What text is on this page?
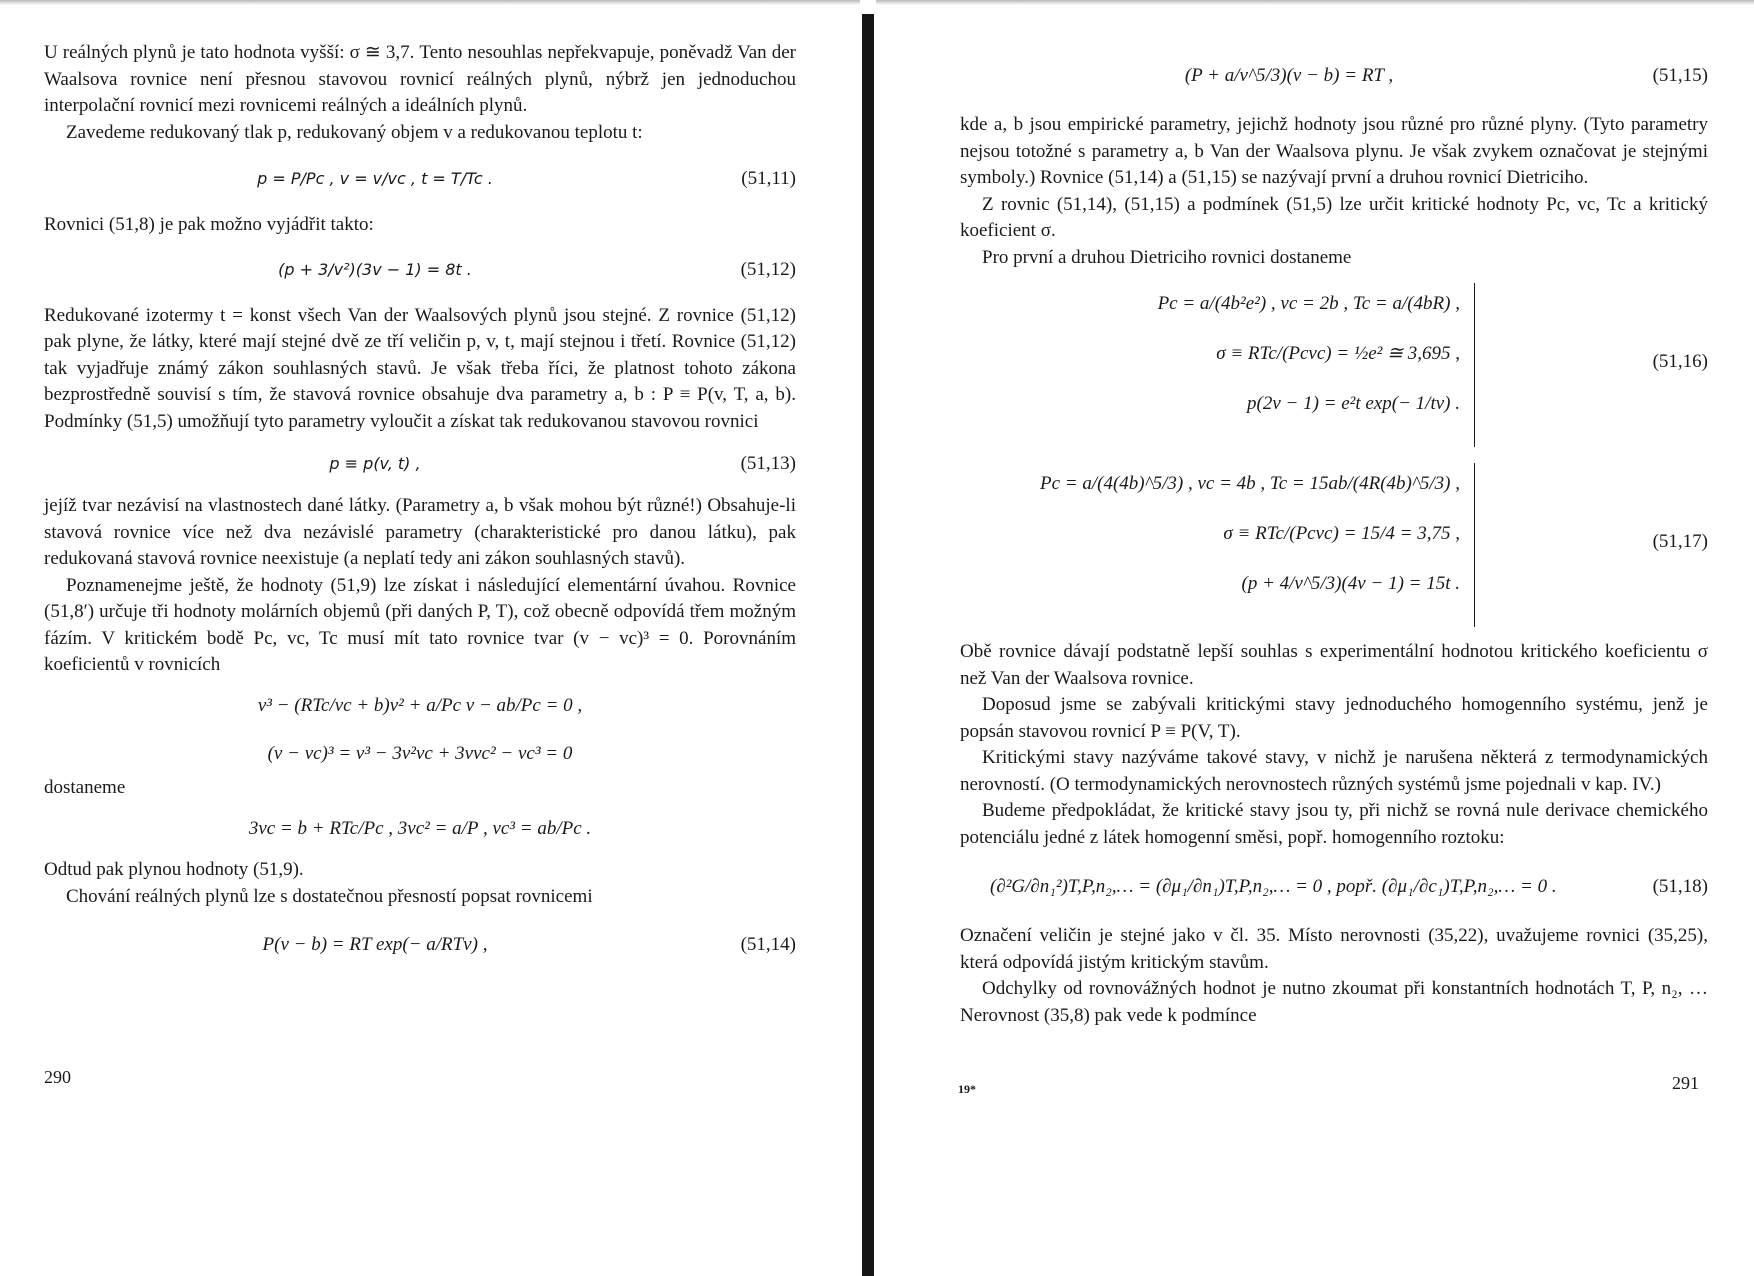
U reálných plynů je tato hodnota vyšší: σ ≅ 3,7. Tento nesouhlas nepřekvapuje, poněvadž Van der Waalsova rovnice není přesnou stavovou rovnicí reálných plynů, nýbrž jen jednoduchou interpolační rovnicí mezi rovnicemi reálných a ideálních plynů.

Zavedeme redukovaný tlak p, redukovaný objem v a redukovanou teplotu t:

p = P/Pc , v = v/vc , t = T/Tc .	(51,11)

Rovnici (51,8) je pak možno vyjádřit takto:

(p + 3/v²)(3v − 1) = 8t .	(51,12)

Redukované izotermy t = konst všech Van der Waalsových plynů jsou stejné. Z rovnice (51,12) pak plyne, že látky, které mají stejné dvě ze tří veličin p, v, t, mají stejnou i třetí. Rovnice (51,12) tak vyjadřuje známý zákon souhlasných stavů. Je však třeba říci, že platnost tohoto zákona bezprostředně souvisí s tím, že stavová rovnice obsahuje dva parametry a, b : P ≡ P(v, T, a, b). Podmínky (51,5) umožňují tyto parametry vyloučit a získat tak redukovanou stavovou rovnici

p ≡ p(v, t) ,	(51,13)

jejíž tvar nezávisí na vlastnostech dané látky. (Parametry a, b však mohou být různé!) Obsahuje-li stavová rovnice více než dva nezávislé parametry (charakteristické pro danou látku), pak redukovaná stavová rovnice neexistuje (a neplatí tedy ani zákon souhlasných stavů).

Poznamenejme ještě, že hodnoty (51,9) lze získat i následující elementární úvahou. Rovnice (51,8′) určuje tři hodnoty molárních objemů (při daných P, T), což obecně odpovídá třem možným fázím. V kritickém bodě Pc, vc, Tc musí mít tato rovnice tvar (v − vc)³ = 0. Porovnáním koeficientů v rovnicích

v³ − (RTc/vc + b)v² + a/Pc v − ab/Pc = 0 ,
(v − vc)³ = v³ − 3v²vc + 3vvc² − vc³ = 0

dostaneme

3vc = b + RTc/Pc , 3vc² = a/P , vc³ = ab/Pc .

Odtud pak plynou hodnoty (51,9).

Chování reálných plynů lze s dostatečnou přesností popsat rovnicemi

P(v − b) = RT exp(− a/RTv) ,	(51,14)
290
(P + a/v^5/3)(v − b) = RT ,	(51,15)

kde a, b jsou empirické parametry, jejichž hodnoty jsou různé pro různé plyny. (Tyto parametry nejsou totožné s parametry a, b Van der Waalsova plynu. Je však zvykem označovat je stejnými symboly.) Rovnice (51,14) a (51,15) se nazývají první a druhou rovnicí Dietriciho.

Z rovnic (51,14), (51,15) a podmínek (51,5) lze určit kritické hodnoty Pc, vc, Tc a kritický koeficient σ.

Pro první a druhou Dietriciho rovnici dostaneme

Pc = a/(4b²e²) , vc = 2b , Tc = a/(4bR) ,
σ ≡ RTc/(Pcvc) = ½e² ≅ 3,695 ,
p(2v − 1) = e²t exp(− 1/tv) .
(51,16)
Pc = a/(4(4b)^5/3) , vc = 4b , Tc = 15ab/(4R(4b)^5/3) ,
σ ≡ RTc/(Pcvc) = 15/4 = 3,75 ,
(p + 4/v^5/3)(4v − 1) = 15t .
(51,17)

Obě rovnice dávají podstatně lepší souhlas s experimentální hodnotou kritického koeficientu σ než Van der Waalsova rovnice.

Doposud jsme se zabývali kritickými stavy jednoduchého homogenního systému, jenž je popsán stavovou rovnicí P ≡ P(V, T).

Kritickými stavy nazýváme takové stavy, v nichž je narušena některá z termodynamických nerovností. (O termodynamických nerovnostech různých systémů jsme pojednali v kap. IV.)

Budeme předpokládat, že kritické stavy jsou ty, při nichž se rovná nule derivace chemického potenciálu jedné z látek homogenní směsi, popř. homogenního roztoku:

(∂²G/∂n₁²)T,P,n₂,… = (∂μ₁/∂n₁)T,P,n₂,… = 0 , popř. (∂μ₁/∂c₁)T,P,n₂,… = 0 .	(51,18)

Označení veličin je stejné jako v čl. 35. Místo nerovnosti (35,22), uvažujeme rovnici (35,25), která odpovídá jistým kritickým stavům.

Odchylky od rovnovážných hodnot je nutno zkoumat při konstantních hodnotách T, P, n₂, … Nerovnost (35,8) pak vede k podmínce

19*	291
